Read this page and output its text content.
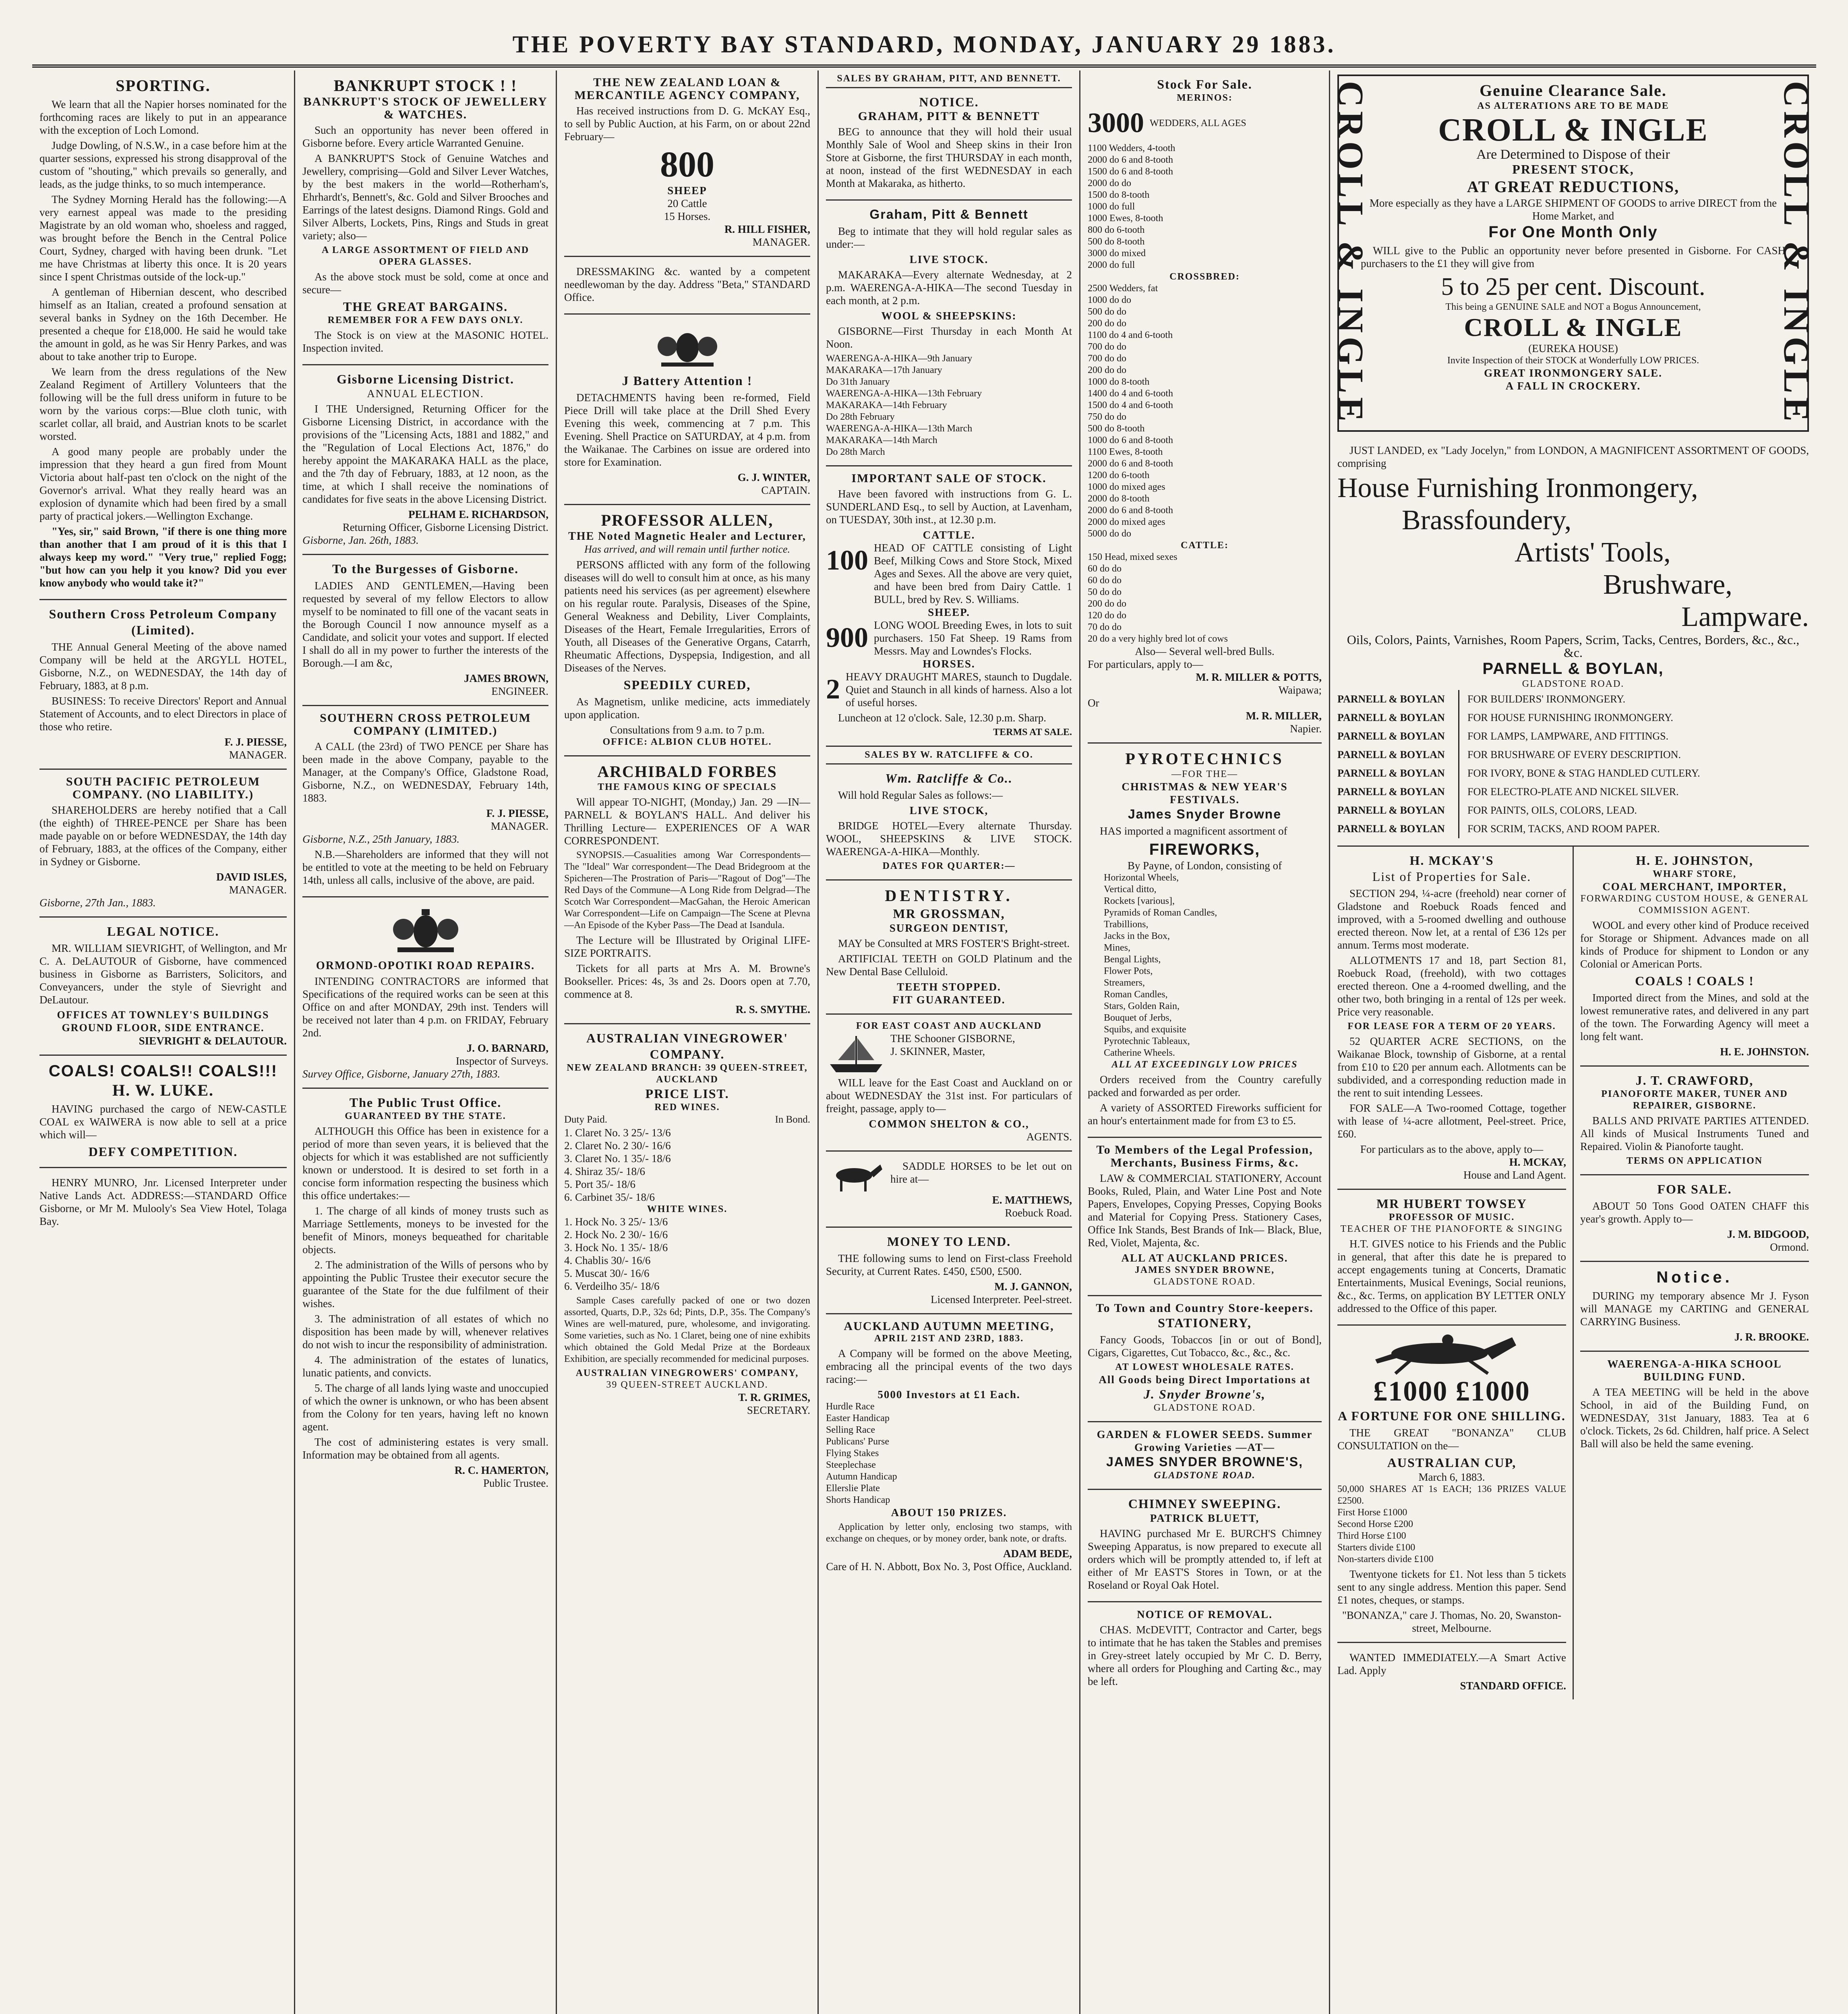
THE POVERTY BAY STANDARD, MONDAY, JANUARY 29 1883.
SPORTING.

We learn that all the Napier horses nominated for the forthcoming races are likely to put in an appearance with the exception of Loch Lomond.

Judge Dowling, of N.S.W., in a case before him at the quarter sessions, expressed his strong disapproval of the custom of "shouting," which prevails so generally, and leads, as the judge thinks, to so much intemperance.

The Sydney Morning Herald has the following:—A very earnest appeal was made to the presiding Magistrate by an old woman who, shoeless and ragged, was brought before the Bench in the Central Police Court, Sydney, charged with having been drunk. "Let me have Christmas at liberty this once. It is 20 years since I spent Christmas outside of the lock-up."

A gentleman of Hibernian descent, who described himself as an Italian, created a profound sensation at several banks in Sydney on the 16th December. He presented a cheque for £18,000. He said he would take the amount in gold, as he was Sir Henry Parkes, and was about to take another trip to Europe.

We learn from the dress regulations of the New Zealand Regiment of Artillery Volunteers that the following will be the full dress uniform in future to be worn by the various corps:—Blue cloth tunic, with scarlet collar, all braid, and Austrian knots to be scarlet worsted.

A good many people are probably under the impression that they heard a gun fired from Mount Victoria about half-past ten o'clock on the night of the Governor's arrival. What they really heard was an explosion of dynamite which had been fired by a small party of practical jokers.—Wellington Exchange.

"Yes, sir," said Brown, "if there is one thing more than another that I am proud of it is this that I always keep my word." "Very true," replied Fogg; "but how can you help it you know? Did you ever know anybody who would take it?"

Southern Cross Petroleum Company (Limited).

THE Annual General Meeting of the above named Company will be held at the ARGYLL HOTEL, Gisborne, N.Z., on WEDNESDAY, the 14th day of February, 1883, at 8 p.m.

BUSINESS: To receive Directors' Report and Annual Statement of Accounts, and to elect Directors in place of those who retire.

F. J. PIESSE,
MANAGER.
SOUTH PACIFIC PETROLEUM COMPANY. (NO LIABILITY.)

SHAREHOLDERS are hereby notified that a Call (the eighth) of THREE-PENCE per Share has been made payable on or before WEDNESDAY, the 14th day of February, 1883, at the offices of the Company, either in Sydney or Gisborne.

DAVID ISLES,
MANAGER.
Gisborne, 27th Jan., 1883.
LEGAL NOTICE.

MR. WILLIAM SIEVRIGHT, of Wellington, and Mr C. A. DeLAUTOUR of Gisborne, have commenced business in Gisborne as Barristers, Solicitors, and Conveyancers, under the style of Sievright and DeLautour.

OFFICES AT TOWNLEY'S BUILDINGS GROUND FLOOR, SIDE ENTRANCE.
SIEVRIGHT & DELAUTOUR.
COALS! COALS!! COALS!!!
H. W. LUKE.

HAVING purchased the cargo of NEW-CASTLE COAL ex WAIWERA is now able to sell at a price which will—

DEFY COMPETITION.

HENRY MUNRO, Jnr. Licensed Interpreter under Native Lands Act. ADDRESS:—STANDARD Office Gisborne, or Mr M. Mulooly's Sea View Hotel, Tolaga Bay.

BANKRUPT STOCK ! !
BANKRUPT'S STOCK OF JEWELLERY & WATCHES.

Such an opportunity has never been offered in Gisborne before. Every article Warranted Genuine.

A BANKRUPT'S Stock of Genuine Watches and Jewellery, comprising—Gold and Silver Lever Watches, by the best makers in the world—Rotherham's, Ehrhardt's, Bennett's, &c. Gold and Silver Brooches and Earrings of the latest designs. Diamond Rings. Gold and Silver Alberts, Lockets, Pins, Rings and Studs in great variety; also—

A LARGE ASSORTMENT OF FIELD AND OPERA GLASSES.

As the above stock must be sold, come at once and secure—

THE GREAT BARGAINS.
REMEMBER FOR A FEW DAYS ONLY.

The Stock is on view at the MASONIC HOTEL. Inspection invited.

Gisborne Licensing District.
ANNUAL ELECTION.

I THE Undersigned, Returning Officer for the Gisborne Licensing District, in accordance with the provisions of the "Licensing Acts, 1881 and 1882," and the "Regulation of Local Elections Act, 1876," do hereby appoint the MAKARAKA HALL as the place, and the 7th day of February, 1883, at 12 noon, as the time, at which I shall receive the nominations of candidates for five seats in the above Licensing District.

PELHAM E. RICHARDSON,
Returning Officer, Gisborne Licensing District.
Gisborne, Jan. 26th, 1883.
To the Burgesses of Gisborne.

LADIES AND GENTLEMEN,—Having been requested by several of my fellow Electors to allow myself to be nominated to fill one of the vacant seats in the Borough Council I now announce myself as a Candidate, and solicit your votes and support. If elected I shall do all in my power to further the interests of the Borough.—I am &c,

JAMES BROWN,
ENGINEER.
SOUTHERN CROSS PETROLEUM COMPANY (LIMITED.)

A CALL (the 23rd) of TWO PENCE per Share has been made in the above Company, payable to the Manager, at the Company's Office, Gladstone Road, Gisborne, N.Z., on WEDNESDAY, February 14th, 1883.

F. J. PIESSE,
MANAGER.
Gisborne, N.Z., 25th January, 1883.

N.B.—Shareholders are informed that they will not be entitled to vote at the meeting to be held on February 14th, unless all calls, inclusive of the above, are paid.

ORMOND-OPOTIKI ROAD REPAIRS.

INTENDING CONTRACTORS are informed that Specifications of the required works can be seen at this Office on and after MONDAY, 29th inst. Tenders will be received not later than 4 p.m. on FRIDAY, February 2nd.

J. O. BARNARD,
Inspector of Surveys.
Survey Office, Gisborne, January 27th, 1883.
The Public Trust Office.
GUARANTEED BY THE STATE.

ALTHOUGH this Office has been in existence for a period of more than seven years, it is believed that the objects for which it was established are not sufficiently known or understood. It is desired to set forth in a concise form information respecting the business which this office undertakes:—

1. The charge of all kinds of money trusts such as Marriage Settlements, moneys to be invested for the benefit of Minors, moneys bequeathed for charitable objects.

2. The administration of the Wills of persons who by appointing the Public Trustee their executor secure the guarantee of the State for the due fulfilment of their wishes.

3. The administration of all estates of which no disposition has been made by will, whenever relatives do not wish to incur the responsibility of administration.

4. The administration of the estates of lunatics, lunatic patients, and convicts.

5. The charge of all lands lying waste and unoccupied of which the owner is unknown, or who has been absent from the Colony for ten years, having left no known agent.

The cost of administering estates is very small. Information may be obtained from all agents.

R. C. HAMERTON,
Public Trustee.
THE NEW ZEALAND LOAN & MERCANTILE AGENCY COMPANY,

Has received instructions from D. G. McKAY Esq., to sell by Public Auction, at his Farm, on or about 22nd February—

800
SHEEP
20 Cattle
15 Horses.
R. HILL FISHER,
MANAGER.

DRESSMAKING &c. wanted by a competent needlewoman by the day. Address "Beta," STANDARD Office.

J Battery Attention !

DETACHMENTS having been re-formed, Field Piece Drill will take place at the Drill Shed Every Evening this week, commencing at 7 p.m. This Evening. Shell Practice on SATURDAY, at 4 p.m. from the Waikanae. The Carbines on issue are ordered into store for Examination.

G. J. WINTER,
CAPTAIN.
PROFESSOR ALLEN,
THE Noted Magnetic Healer and Lecturer,
Has arrived, and will remain until further notice.

PERSONS afflicted with any form of the following diseases will do well to consult him at once, as his many patients need his services (as per agreement) elsewhere on his regular route. Paralysis, Diseases of the Spine, General Weakness and Debility, Liver Complaints, Diseases of the Heart, Female Irregularities, Errors of Youth, all Diseases of the Generative Organs, Catarrh, Rheumatic Affections, Dyspepsia, Indigestion, and all Diseases of the Nerves.

SPEEDILY CURED,

As Magnetism, unlike medicine, acts immediately upon application.

Consultations from 9 a.m. to 7 p.m.
OFFICE: ALBION CLUB HOTEL.
ARCHIBALD FORBES
THE FAMOUS KING OF SPECIALS

Will appear TO-NIGHT, (Monday,) Jan. 29 —IN— PARNELL & BOYLAN'S HALL. And deliver his Thrilling Lecture— EXPERIENCES OF A WAR CORRESPONDENT.

SYNOPSIS.—Casualities among War Correspondents—The "Ideal" War correspondent—The Dead Bridegroom at the Spicheren—The Prostration of Paris—"Ragout of Dog"—The Red Days of the Commune—A Long Ride from Delgrad—The Scotch War Correspondent—MacGahan, the Heroic American War Correspondent—Life on Campaign—The Scene at Plevna—An Episode of the Kyber Pass—The Dead at Isandula.

The Lecture will be Illustrated by Original LIFE-SIZE PORTRAITS.

Tickets for all parts at Mrs A. M. Browne's Bookseller. Prices: 4s, 3s and 2s. Doors open at 7.70, commence at 8.

R. S. SMYTHE.
AUSTRALIAN VINEGROWER' COMPANY.
NEW ZEALAND BRANCH: 39 QUEEN-STREET, AUCKLAND
PRICE LIST.
RED WINES.
Duty Paid.	In Bond.
1. Claret No. 3 25/- 13/6
2. Claret No. 2 30/- 16/6
3. Claret No. 1 35/- 18/6
4. Shiraz 35/- 18/6
5. Port 35/- 18/6
6. Carbinet 35/- 18/6
WHITE WINES.
1. Hock No. 3 25/- 13/6
2. Hock No. 2 30/- 16/6
3. Hock No. 1 35/- 18/6
4. Chablis 30/- 16/6
5. Muscat 30/- 16/6
6. Verdeilho 35/- 18/6

Sample Cases carefully packed of one or two dozen assorted, Quarts, D.P., 32s 6d; Pints, D.P., 35s. The Company's Wines are well-matured, pure, wholesome, and invigorating. Some varieties, such as No. 1 Claret, being one of nine exhibits which obtained the Gold Medal Prize at the Bordeaux Exhibition, are specially recommended for medicinal purposes.

AUSTRALIAN VINEGROWERS' COMPANY,
39 QUEEN-STREET AUCKLAND.
T. R. GRIMES,
SECRETARY.
SALES BY GRAHAM, PITT, AND BENNETT.
NOTICE.
GRAHAM, PITT & BENNETT

BEG to announce that they will hold their usual Monthly Sale of Wool and Sheep skins in their Iron Store at Gisborne, the first THURSDAY in each month, at noon, instead of the first WEDNESDAY in each Month at Makaraka, as hitherto.

Graham, Pitt & Bennett

Beg to intimate that they will hold regular sales as under:—

LIVE STOCK.

MAKARAKA—Every alternate Wednesday, at 2 p.m. WAERENGA-A-HIKA—The second Tuesday in each month, at 2 p.m.

WOOL & SHEEPSKINS:

GISBORNE—First Thursday in each Month At Noon.

WAERENGA-A-HIKA—9th January
MAKARAKA—17th January
Do 31th January
WAERENGA-A-HIKA—13th February
MAKARAKA—14th February
Do 28th February
WAERENGA-A-HIKA—13th March
MAKARAKA—14th March
Do 28th March
IMPORTANT SALE OF STOCK.

Have been favored with instructions from G. L. SUNDERLAND Esq., to sell by Auction, at Lavenham, on TUESDAY, 30th inst., at 12.30 p.m.

CATTLE.
100 HEAD OF CATTLE consisting of Light Beef, Milking Cows and Store Stock, Mixed Ages and Sexes. All the above are very quiet, and have been bred from Dairy Cattle. 1 BULL, bred by Rev. S. Williams.
SHEEP.
900 LONG WOOL Breeding Ewes, in lots to suit purchasers. 150 Fat Sheep. 19 Rams from Messrs. May and Lowndes's Flocks.
HORSES.
2 HEAVY DRAUGHT MARES, staunch to Dugdale. Quiet and Staunch in all kinds of harness. Also a lot of useful horses.

Luncheon at 12 o'clock. Sale, 12.30 p.m. Sharp.

TERMS AT SALE.
SALES BY W. RATCLIFFE & CO.
Wm. Ratcliffe & Co..

Will hold Regular Sales as follows:—

LIVE STOCK,

BRIDGE HOTEL—Every alternate Thursday. WOOL, SHEEPSKINS & LIVE STOCK. WAERENGA-A-HIKA—Monthly.

DATES FOR QUARTER:—
DENTISTRY.
MR GROSSMAN,
SURGEON DENTIST,

MAY be Consulted at MRS FOSTER'S Bright-street.

ARTIFICIAL TEETH on GOLD Platinum and the New Dental Base Celluloid.

TEETH STOPPED.
FIT GUARANTEED.
FOR EAST COAST AND AUCKLAND
THE Schooner GISBORNE,
J. SKINNER, Master,

WILL leave for the East Coast and Auckland on or about WEDNESDAY the 31st inst. For particulars of freight, passage, apply to—

COMMON SHELTON & CO.,
AGENTS.

SADDLE HORSES to be let out on hire at—

E. MATTHEWS,
Roebuck Road.
MONEY TO LEND.

THE following sums to lend on First-class Freehold Security, at Current Rates. £450, £500, £500.

M. J. GANNON,
Licensed Interpreter. Peel-street.
AUCKLAND AUTUMN MEETING,
APRIL 21ST AND 23RD, 1883.

A Company will be formed on the above Meeting, embracing all the principal events of the two days racing:—

5000 Investors at £1 Each.
Hurdle Race
Easter Handicap
Selling Race
Publicans' Purse
Flying Stakes
Steeplechase
Autumn Handicap
Ellerslie Plate
Shorts Handicap
ABOUT 150 PRIZES.

Application by letter only, enclosing two stamps, with exchange on cheques, or by money order, bank note, or drafts.

ADAM BEDE,
Care of H. N. Abbott, Box No. 3, Post Office, Auckland.
Stock For Sale.
MERINOS:
3000 WEDDERS, ALL AGES
1100 Wedders, 4-tooth
2000 do 6 and 8-tooth
1500 do 6 and 8-tooth
2000 do do
1500 do 8-tooth
1000 do full
1000 Ewes, 8-tooth
800 do 6-tooth
500 do 8-tooth
3000 do mixed
2000 do full
CROSSBRED:
2500 Wedders, fat
1000 do do
500 do do
200 do do
1100 do 4 and 6-tooth
700 do do
700 do do
200 do do
1000 do 8-tooth
1400 do 4 and 6-tooth
1500 do 4 and 6-tooth
750 do do
500 do 8-tooth
1000 do 6 and 8-tooth
1100 Ewes, 8-tooth
2000 do 6 and 8-tooth
1200 do 6-tooth
1000 do mixed ages
2000 do 8-tooth
2000 do 6 and 8-tooth
2000 do mixed ages
5000 do do
CATTLE:
150 Head, mixed sexes
60 do do
60 do do
50 do do
200 do do
120 do do
70 do do
20 do a very highly bred lot of cows
Also— Several well-bred Bulls.
For particulars, apply to—
M. R. MILLER & POTTS,
Waipawa;
Or
M. R. MILLER,
Napier.
PYROTECHNICS
—FOR THE—
CHRISTMAS & NEW YEAR'S FESTIVALS.
James Snyder Browne

HAS imported a magnificent assortment of

FIREWORKS,
By Payne, of London, consisting of
Horizontal Wheels,
Vertical ditto,
Rockets [various],
Pyramids of Roman Candles,
Trabillions,
Jacks in the Box,
Mines,
Bengal Lights,
Flower Pots,
Streamers,
Roman Candles,
Stars, Golden Rain,
Bouquet of Jerbs,
Squibs, and exquisite
Pyrotechnic Tableaux,
Catherine Wheels.
ALL AT EXCEEDINGLY LOW PRICES

Orders received from the Country carefully packed and forwarded as per order.

A variety of ASSORTED Fireworks sufficient for an hour's entertainment made for from £3 to £5.

To Members of the Legal Profession, Merchants, Business Firms, &c.

LAW & COMMERCIAL STATIONERY, Account Books, Ruled, Plain, and Water Line Post and Note Papers, Envelopes, Copying Presses, Copying Books and Material for Copying Press. Stationery Cases, Office Ink Stands, Best Brands of Ink— Black, Blue, Red, Violet, Majenta, &c.

ALL AT AUCKLAND PRICES.
JAMES SNYDER BROWNE,
GLADSTONE ROAD.
To Town and Country Store-keepers.
STATIONERY,

Fancy Goods, Tobaccos [in or out of Bond], Cigars, Cigarettes, Cut Tobacco, &c., &c., &c.

AT LOWEST WHOLESALE RATES.
All Goods being Direct Importations at
J. Snyder Browne's,
GLADSTONE ROAD.
GARDEN & FLOWER SEEDS. Summer Growing Varieties —AT—
JAMES SNYDER BROWNE'S,
GLADSTONE ROAD.
CHIMNEY SWEEPING.
PATRICK BLUETT,

HAVING purchased Mr E. BURCH'S Chimney Sweeping Apparatus, is now prepared to execute all orders which will be promptly attended to, if left at either of Mr EAST'S Stores in Town, or at the Roseland or Royal Oak Hotel.

NOTICE OF REMOVAL.

CHAS. McDEVITT, Contractor and Carter, begs to intimate that he has taken the Stables and premises in Grey-street lately occupied by Mr C. D. Berry, where all orders for Ploughing and Carting &c., may be left.

CROLL & INGLE	Genuine Clearance Sale.
AS ALTERATIONS ARE TO BE MADE
CROLL & INGLE
Are Determined to Dispose of their
PRESENT STOCK,
AT GREAT REDUCTIONS,
More especially as they have a LARGE SHIPMENT OF GOODS to arrive DIRECT from the Home Market, and
For One Month Only

WILL give to the Public an opportunity never before presented in Gisborne. For CASH purchasers to the £1 they will give from

5 to 25 per cent. Discount.
This being a GENUINE SALE and NOT a Bogus Announcement,
CROLL & INGLE
(EUREKA HOUSE)
Invite Inspection of their STOCK at Wonderfully LOW PRICES.
GREAT IRONMONGERY SALE.
A FALL IN CROCKERY.	CROLL & INGLE

JUST LANDED, ex "Lady Jocelyn," from LONDON, A MAGNIFICENT ASSORTMENT OF GOODS, comprising

House Furnishing Ironmongery,
Brassfoundery,
Artists' Tools,
Brushware,
Lampware.
Oils, Colors, Paints, Varnishes, Room Papers, Scrim, Tacks, Centres, Borders, &c., &c., &c.
PARNELL & BOYLAN,
GLADSTONE ROAD.
PARNELL & BOYLAN	FOR BUILDERS' IRONMONGERY.
PARNELL & BOYLAN	FOR HOUSE FURNISHING IRONMONGERY.
PARNELL & BOYLAN	FOR LAMPS, LAMPWARE, AND FITTINGS.
PARNELL & BOYLAN	FOR BRUSHWARE OF EVERY DESCRIPTION.
PARNELL & BOYLAN	FOR IVORY, BONE & STAG HANDLED CUTLERY.
PARNELL & BOYLAN	FOR ELECTRO-PLATE AND NICKEL SILVER.
PARNELL & BOYLAN	FOR PAINTS, OILS, COLORS, LEAD.
PARNELL & BOYLAN	FOR SCRIM, TACKS, AND ROOM PAPER.
H. MCKAY'S
List of Properties for Sale.

SECTION 294, ¼-acre (freehold) near corner of Gladstone and Roebuck Roads fenced and improved, with a 5-roomed dwelling and outhouse erected thereon. Now let, at a rental of £36 12s per annum. Terms most moderate.

ALLOTMENTS 17 and 18, part Section 81, Roebuck Road, (freehold), with two cottages erected thereon. One a 4-roomed dwelling, and the other two, both bringing in a rental of 12s per week. Price very reasonable.

FOR LEASE FOR A TERM OF 20 YEARS.

52 QUARTER ACRE SECTIONS, on the Waikanae Block, township of Gisborne, at a rental from £10 to £20 per annum each. Allotments can be subdivided, and a corresponding reduction made in the rent to suit intending Lessees.

FOR SALE—A Two-roomed Cottage, together with lease of ¼-acre allotment, Peel-street. Price, £60.

For particulars as to the above, apply to—
H. MCKAY,
House and Land Agent.
MR HUBERT TOWSEY
PROFESSOR OF MUSIC.
TEACHER OF THE PIANOFORTE & SINGING

H.T. GIVES notice to his Friends and the Public in general, that after this date he is prepared to accept engagements tuning at Concerts, Dramatic Entertainments, Musical Evenings, Social reunions, &c., &c. Terms, on application BY LETTER ONLY addressed to the Office of this paper.

£1000 £1000
A FORTUNE FOR ONE SHILLING.

THE GREAT "BONANZA" CLUB CONSULTATION on the—

AUSTRALIAN CUP,
March 6, 1883.
50,000 SHARES AT 1s EACH; 136 PRIZES VALUE £2500.
First Horse £1000
Second Horse £200
Third Horse £100
Starters divide £100
Non-starters divide £100

Twentyone tickets for £1. Not less than 5 tickets sent to any single address. Mention this paper. Send £1 notes, cheques, or stamps.

"BONANZA," care J. Thomas, No. 20, Swanston-street, Melbourne.

WANTED IMMEDIATELY.—A Smart Active Lad. Apply

STANDARD OFFICE.
H. E. JOHNSTON,
WHARF STORE,
COAL MERCHANT, IMPORTER,
FORWARDING CUSTOM HOUSE, & GENERAL COMMISSION AGENT.

WOOL and every other kind of Produce received for Storage or Shipment. Advances made on all kinds of Produce for shipment to London or any Colonial or American Ports.

COALS ! COALS !

Imported direct from the Mines, and sold at the lowest remunerative rates, and delivered in any part of the town. The Forwarding Agency will meet a long felt want.

H. E. JOHNSTON.
J. T. CRAWFORD,
PIANOFORTE MAKER, TUNER AND REPAIRER, GISBORNE.

BALLS AND PRIVATE PARTIES ATTENDED. All kinds of Musical Instruments Tuned and Repaired. Violin & Pianoforte taught.

TERMS ON APPLICATION
FOR SALE.

ABOUT 50 Tons Good OATEN CHAFF this year's growth. Apply to—

J. M. BIDGOOD,
Ormond.
Notice.

DURING my temporary absence Mr J. Fyson will MANAGE my CARTING and GENERAL CARRYING Business.

J. R. BROOKE.
WAERENGA-A-HIKA SCHOOL BUILDING FUND.

A TEA MEETING will be held in the above School, in aid of the Building Fund, on WEDNESDAY, 31st January, 1883. Tea at 6 o'clock. Tickets, 2s 6d. Children, half price. A Select Ball will also be held the same evening.
